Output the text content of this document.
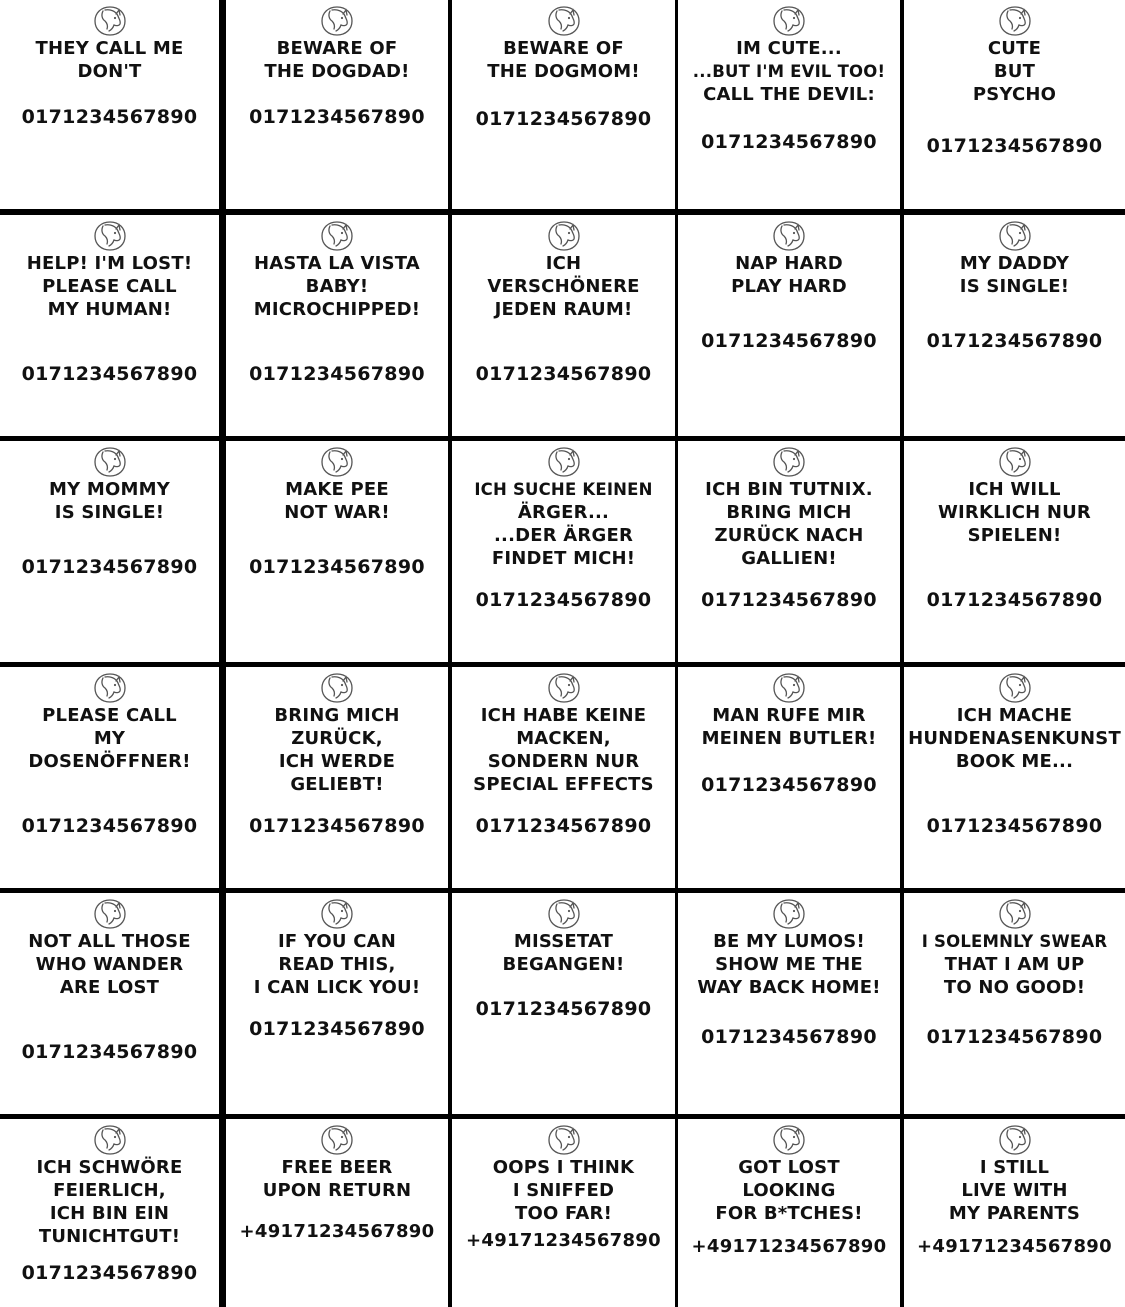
THEY CALL ME
DON'T
0171234567890
BEWARE OF
THE DOGDAD!
0171234567890
BEWARE OF
THE DOGMOM!
0171234567890
IM CUTE...
...BUT I'M EVIL TOO!
CALL THE DEVIL:
0171234567890
CUTE
BUT
PSYCHO
0171234567890
HELP! I'M LOST!
PLEASE CALL
MY HUMAN!
0171234567890
HASTA LA VISTA
BABY!
MICROCHIPPED!
0171234567890
ICH
VERSCHÖNERE
JEDEN RAUM!
0171234567890
NAP HARD
PLAY HARD
0171234567890
MY DADDY
IS SINGLE!
0171234567890
MY MOMMY
IS SINGLE!
0171234567890
MAKE PEE
NOT WAR!
0171234567890
ICH SUCHE KEINEN
ÄRGER...
...DER ÄRGER
FINDET MICH!
0171234567890
ICH BIN TUTNIX.
BRING MICH
ZURÜCK NACH
GALLIEN!
0171234567890
ICH WILL
WIRKLICH NUR
SPIELEN!
0171234567890
PLEASE CALL
MY
DOSENÖFFNER!
0171234567890
BRING MICH
ZURÜCK,
ICH WERDE
GELIEBT!
0171234567890
ICH HABE KEINE
MACKEN,
SONDERN NUR
SPECIAL EFFECTS
0171234567890
MAN RUFE MIR
MEINEN BUTLER!
0171234567890
ICH MACHE
HUNDENASENKUNST
BOOK ME...
0171234567890
NOT ALL THOSE
WHO WANDER
ARE LOST
0171234567890
IF YOU CAN
READ THIS,
I CAN LICK YOU!
0171234567890
MISSETAT
BEGANGEN!
0171234567890
BE MY LUMOS!
SHOW ME THE
WAY BACK HOME!
0171234567890
I SOLEMNLY SWEAR
THAT I AM UP
TO NO GOOD!
0171234567890
ICH SCHWÖRE
FEIERLICH,
ICH BIN EIN
TUNICHTGUT!
0171234567890
FREE BEER
UPON RETURN
+49171234567890
OOPS I THINK
I SNIFFED
TOO FAR!
+49171234567890
GOT LOST
LOOKING
FOR B*TCHES!
+49171234567890
I STILL
LIVE WITH
MY PARENTS
+49171234567890
